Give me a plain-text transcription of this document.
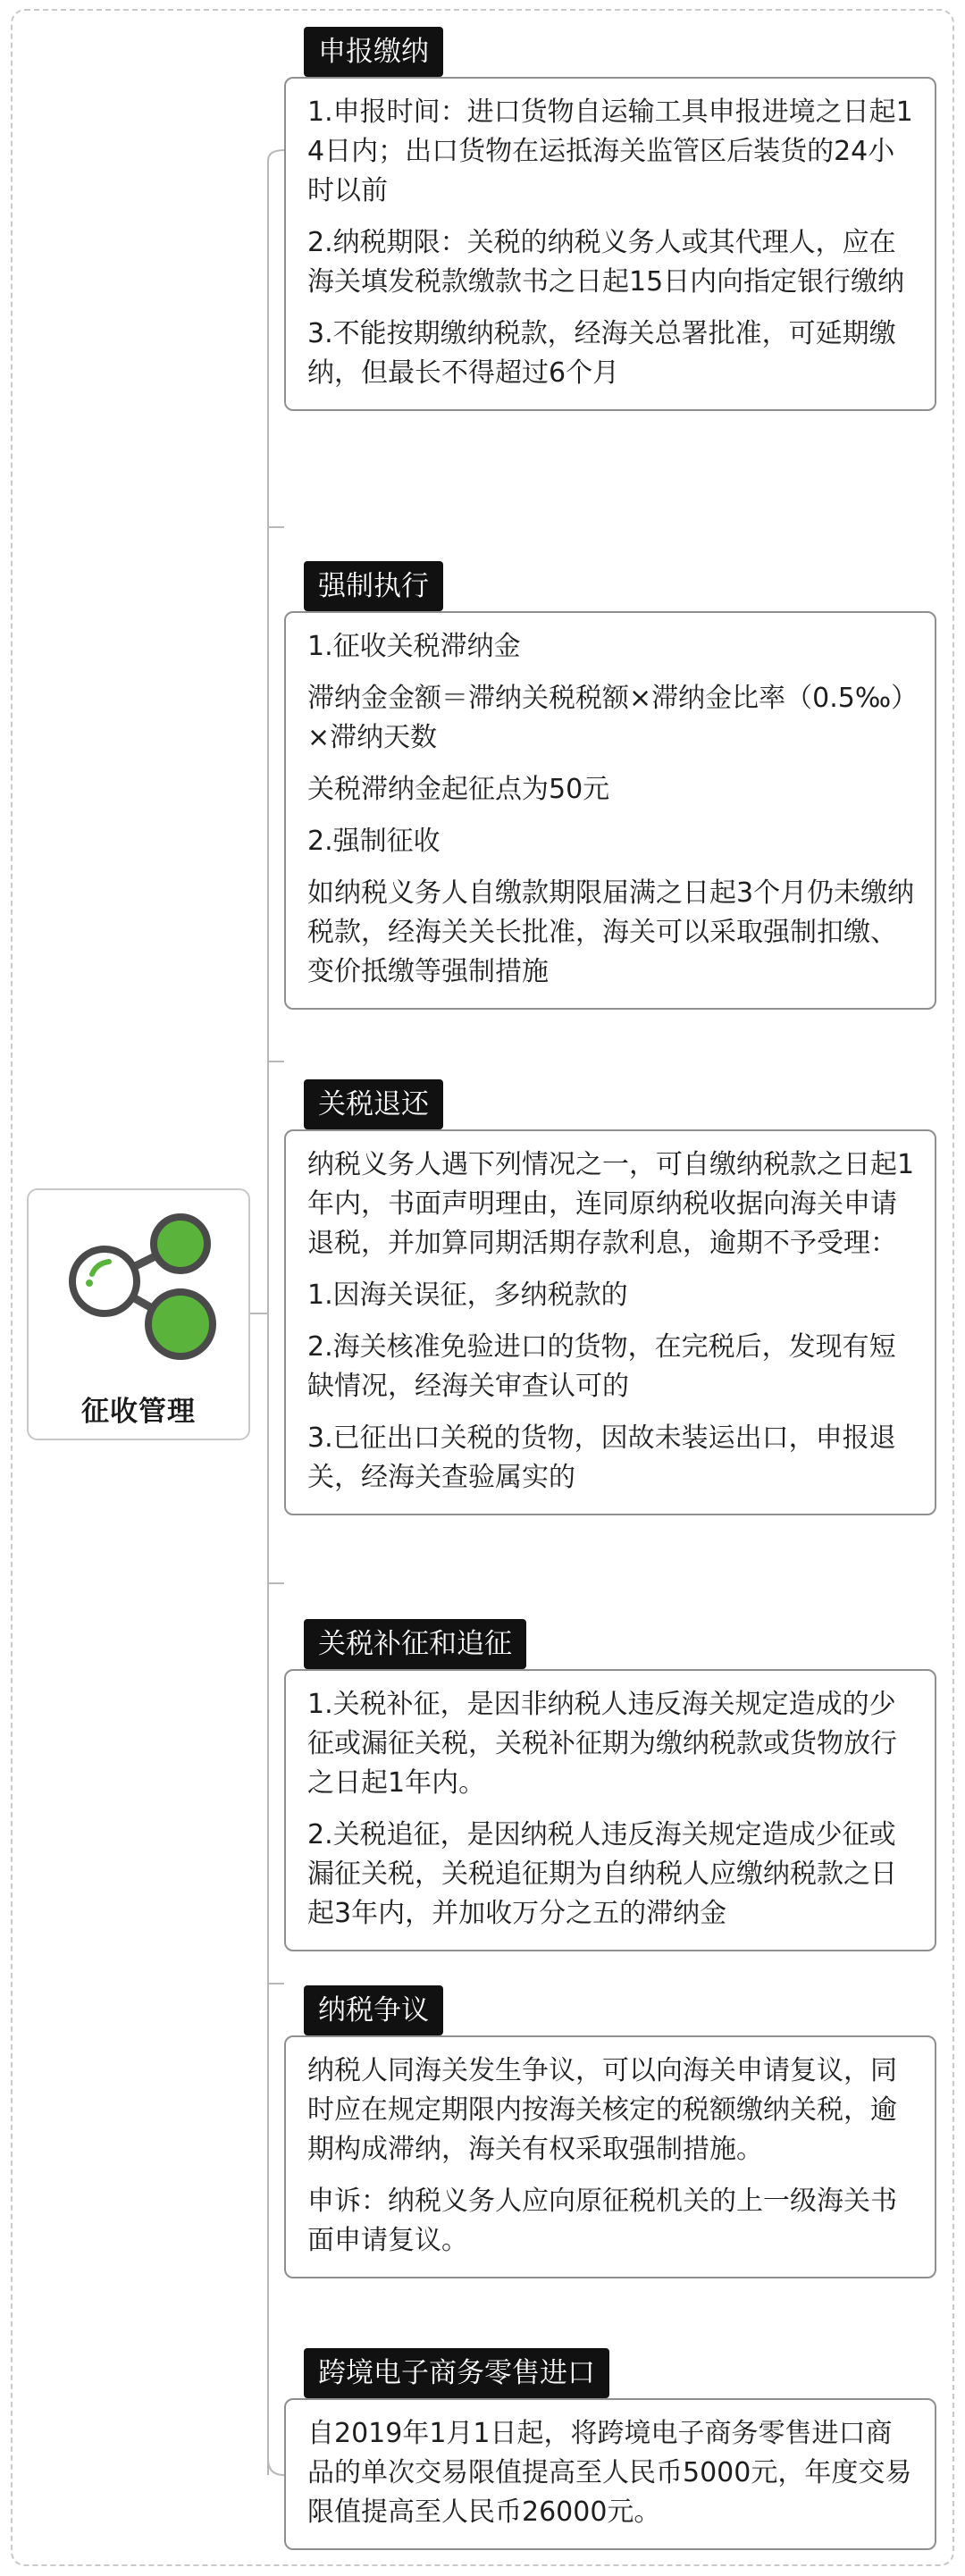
征收管理
申报缴纳

1.申报时间：进口货物自运输工具申报进境之日起14日内；出口货物在运抵海关监管区后装货的24小时以前

2.纳税期限：关税的纳税义务人或其代理人，应在海关填发税款缴款书之日起15日内向指定银行缴纳

3.不能按期缴纳税款，经海关总署批准，可延期缴纳，但最长不得超过6个月

强制执行

1.征收关税滞纳金

滞纳金金额＝滞纳关税税额×滞纳金比率（0.5‰）×滞纳天数

关税滞纳金起征点为50元

2.强制征收

如纳税义务人自缴款期限届满之日起3个月仍未缴纳税款，经海关关长批准，海关可以采取强制扣缴、变价抵缴等强制措施

关税退还

纳税义务人遇下列情况之一，可自缴纳税款之日起1年内，书面声明理由，连同原纳税收据向海关申请退税，并加算同期活期存款利息，逾期不予受理：

1.因海关误征，多纳税款的

2.海关核准免验进口的货物，在完税后，发现有短缺情况，经海关审查认可的

3.已征出口关税的货物，因故未装运出口，申报退关，经海关查验属实的

关税补征和追征

1.关税补征，是因非纳税人违反海关规定造成的少征或漏征关税，关税补征期为缴纳税款或货物放行之日起1年内。

2.关税追征，是因纳税人违反海关规定造成少征或漏征关税，关税追征期为自纳税人应缴纳税款之日起3年内，并加收万分之五的滞纳金

纳税争议

纳税人同海关发生争议，可以向海关申请复议，同时应在规定期限内按海关核定的税额缴纳关税，逾期构成滞纳，海关有权采取强制措施。

申诉：纳税义务人应向原征税机关的上一级海关书面申请复议。

跨境电子商务零售进口

自2019年1月1日起，将跨境电子商务零售进口商品的单次交易限值提高至人民币5000元，年度交易限值提高至人民币26000元。
